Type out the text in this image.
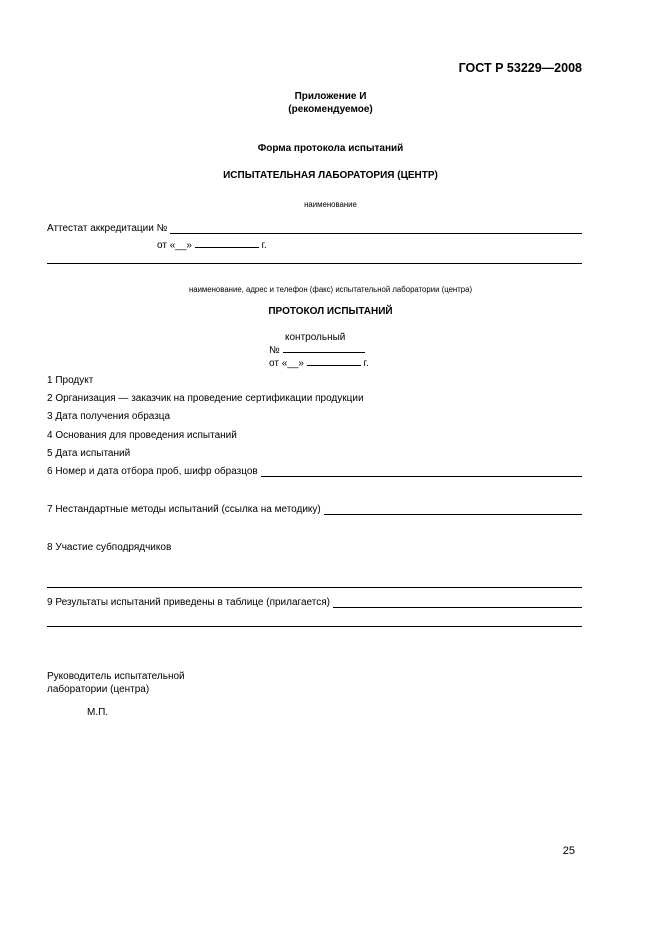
ГОСТ Р 53229—2008
Приложение И
(рекомендуемое)
Форма протокола испытаний
ИСПЫТАТЕЛЬНАЯ ЛАБОРАТОРИЯ (ЦЕНТР)
наименование
Аттестат аккредитации №
от «__»	г.
наименование, адрес и телефон (факс) испытательной лаборатории (центра)
ПРОТОКОЛ ИСПЫТАНИЙ
контрольный
№
от «__»	г.
1 Продукт
2 Организация — заказчик на проведение сертификации продукции
3 Дата получения образца
4 Основания для проведения испытаний
5 Дата испытаний
6 Номер и дата отбора проб, шифр образцов
7 Нестандартные методы испытаний (ссылка на методику)
8 Участие субподрядчиков
9 Результаты испытаний приведены в таблице (прилагается)
Руководитель испытательной
лаборатории (центра)
М.П.
25
